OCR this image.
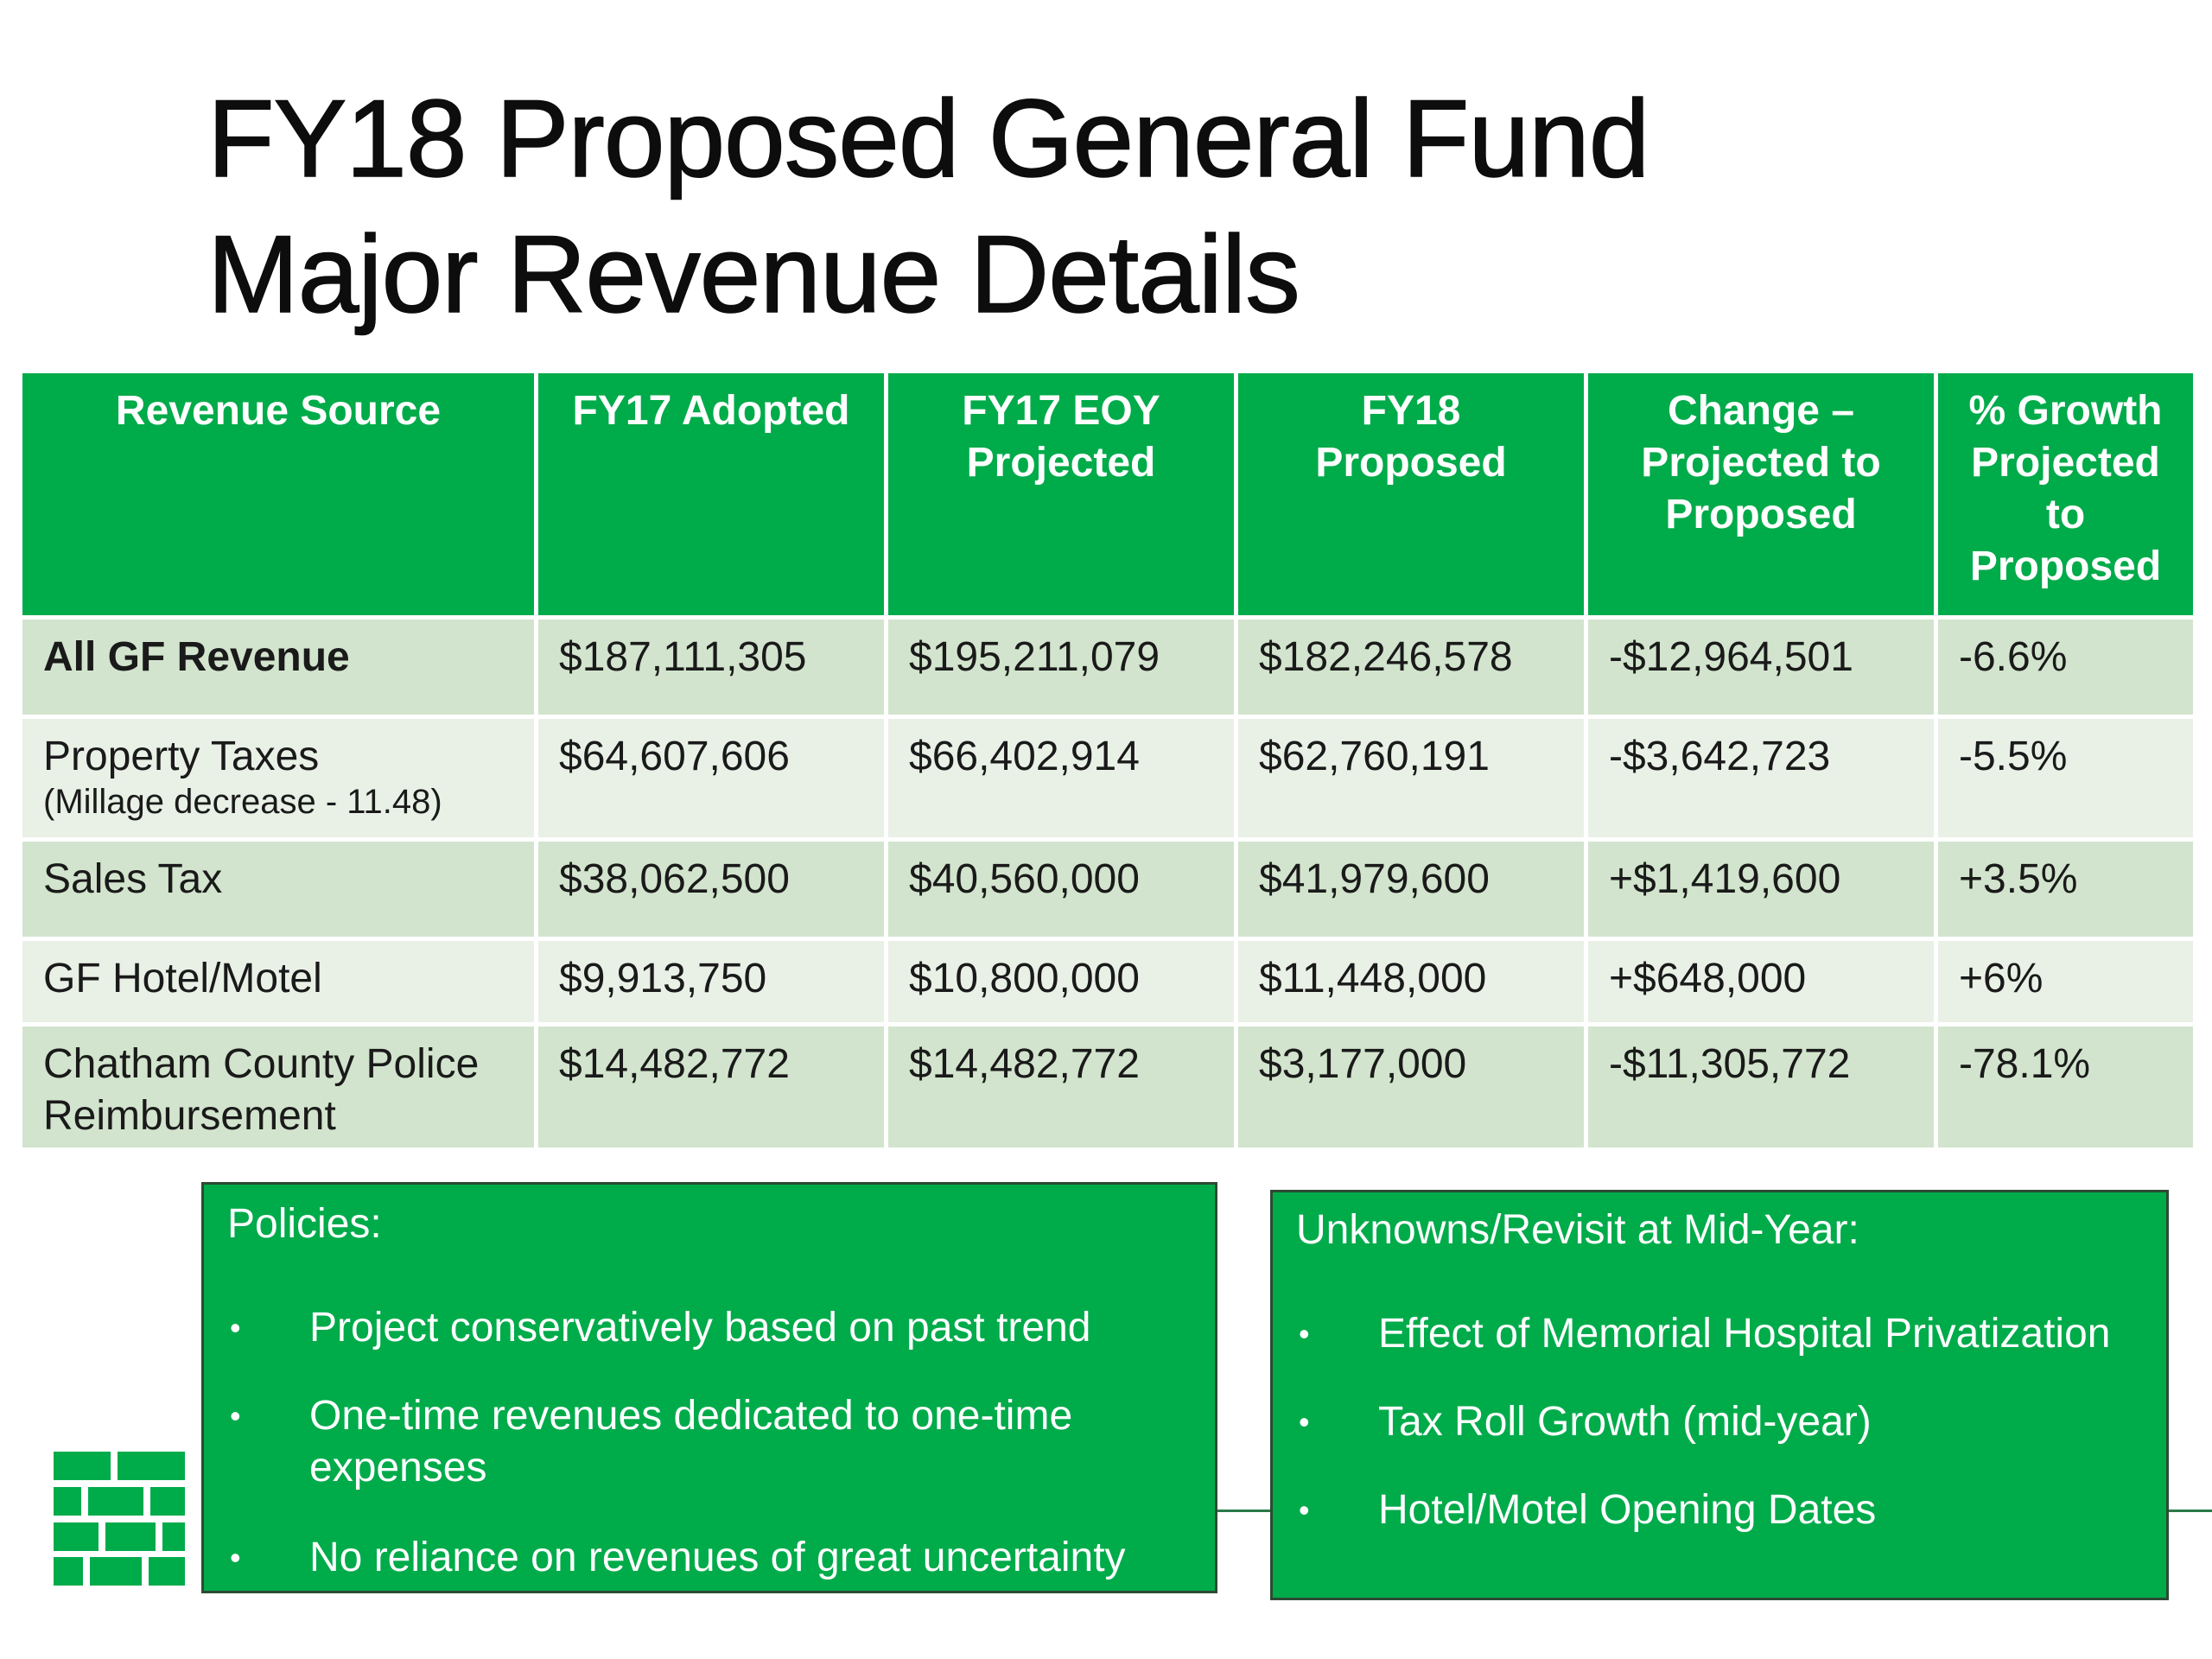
FY18 Proposed General Fund
Major Revenue Details
Revenue Source	FY17 Adopted	FY17 EOY Projected	FY18 Proposed	Change – Projected to Proposed	% Growth Projected to Proposed
All GF Revenue	$187,111,305	$195,211,079	$182,246,578	-$12,964,501	-6.6%
Property Taxes
(Millage decrease - 11.48)	$64,607,606	$66,402,914	$62,760,191	-$3,642,723	-5.5%
Sales Tax	$38,062,500	$40,560,000	$41,979,600	+$1,419,600	+3.5%
GF Hotel/Motel	$9,913,750	$10,800,000	$11,448,000	+$648,000	+6%
Chatham County Police Reimbursement	$14,482,772	$14,482,772	$3,177,000	-$11,305,772	-78.1%
Policies:
• Project conservatively based on past trend
• One-time revenues dedicated to one-time expenses
• No reliance on revenues of great uncertainty
Unknowns/Revisit at Mid-Year:
• Effect of Memorial Hospital Privatization
• Tax Roll Growth (mid-year)
• Hotel/Motel Opening Dates
